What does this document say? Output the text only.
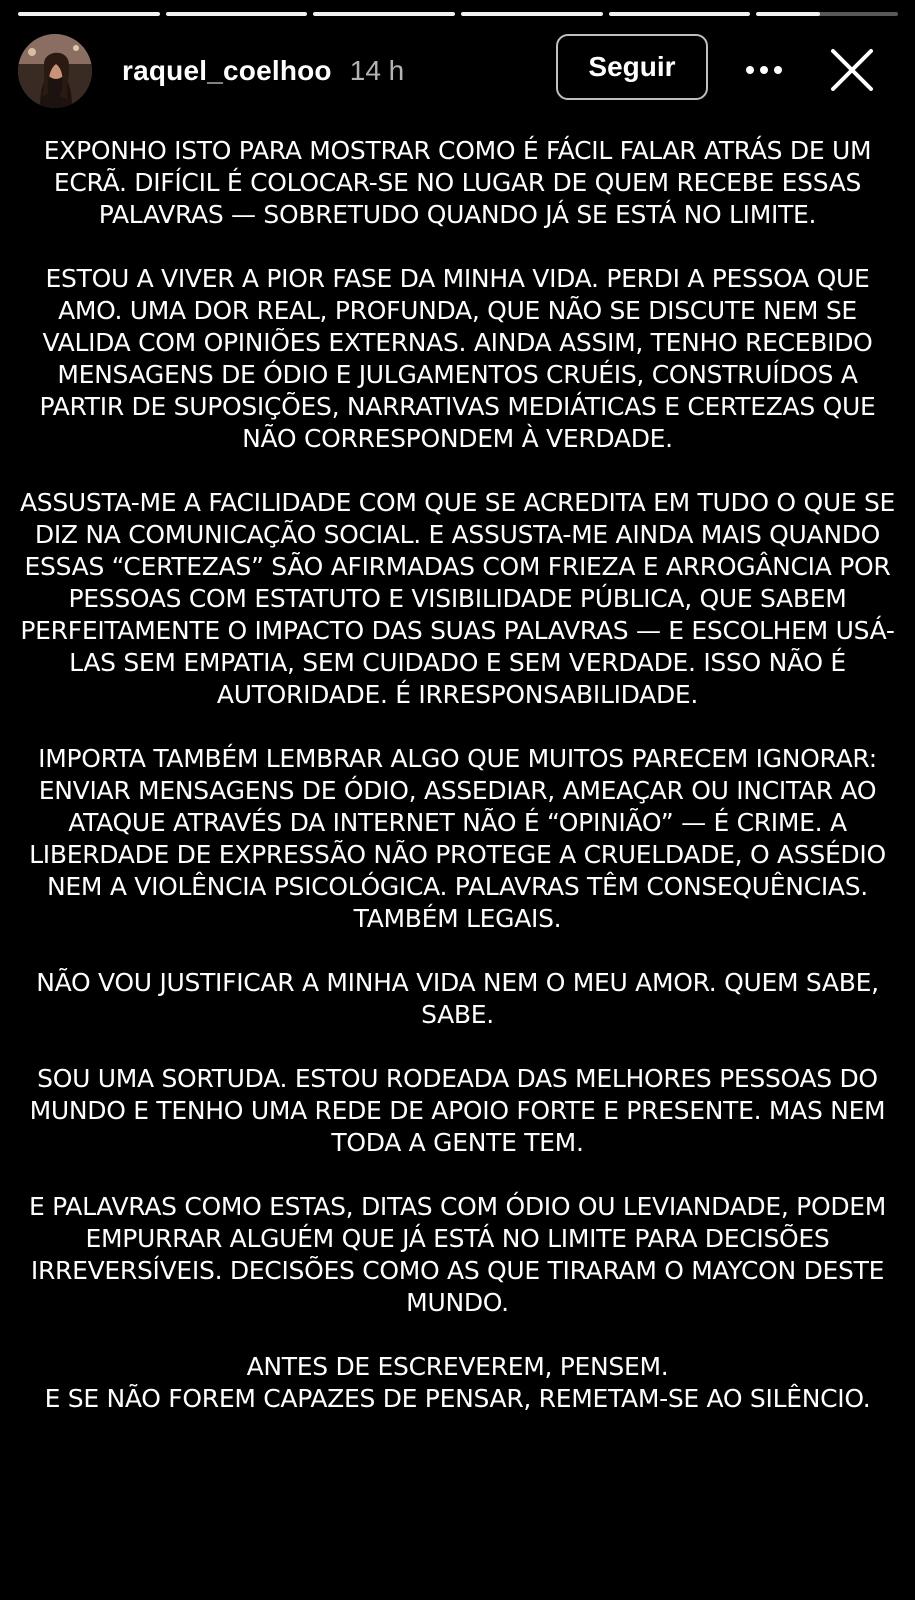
raquel_coelhoo 14 h	Seguir
EXPONHO ISTO PARA MOSTRAR COMO É FÁCIL FALAR ATRÁS DE UM
ECRÃ. DIFÍCIL É COLOCAR-SE NO LUGAR DE QUEM RECEBE ESSAS
PALAVRAS — SOBRETUDO QUANDO JÁ SE ESTÁ NO LIMITE.
ESTOU A VIVER A PIOR FASE DA MINHA VIDA. PERDI A PESSOA QUE
AMO. UMA DOR REAL, PROFUNDA, QUE NÃO SE DISCUTE NEM SE
VALIDA COM OPINIÕES EXTERNAS. AINDA ASSIM, TENHO RECEBIDO
MENSAGENS DE ÓDIO E JULGAMENTOS CRUÉIS, CONSTRUÍDOS A
PARTIR DE SUPOSIÇÕES, NARRATIVAS MEDIÁTICAS E CERTEZAS QUE
NÃO CORRESPONDEM À VERDADE.
ASSUSTA-ME A FACILIDADE COM QUE SE ACREDITA EM TUDO O QUE SE
DIZ NA COMUNICAÇÃO SOCIAL. E ASSUSTA-ME AINDA MAIS QUANDO
ESSAS “CERTEZAS” SÃO AFIRMADAS COM FRIEZA E ARROGÂNCIA POR
PESSOAS COM ESTATUTO E VISIBILIDADE PÚBLICA, QUE SABEM
PERFEITAMENTE O IMPACTO DAS SUAS PALAVRAS — E ESCOLHEM USÁ-
LAS SEM EMPATIA, SEM CUIDADO E SEM VERDADE. ISSO NÃO É
AUTORIDADE. É IRRESPONSABILIDADE.
IMPORTA TAMBÉM LEMBRAR ALGO QUE MUITOS PARECEM IGNORAR:
ENVIAR MENSAGENS DE ÓDIO, ASSEDIAR, AMEAÇAR OU INCITAR AO
ATAQUE ATRAVÉS DA INTERNET NÃO É “OPINIÃO” — É CRIME. A
LIBERDADE DE EXPRESSÃO NÃO PROTEGE A CRUELDADE, O ASSÉDIO
NEM A VIOLÊNCIA PSICOLÓGICA. PALAVRAS TÊM CONSEQUÊNCIAS.
TAMBÉM LEGAIS.
NÃO VOU JUSTIFICAR A MINHA VIDA NEM O MEU AMOR. QUEM SABE,
SABE.
SOU UMA SORTUDA. ESTOU RODEADA DAS MELHORES PESSOAS DO
MUNDO E TENHO UMA REDE DE APOIO FORTE E PRESENTE. MAS NEM
TODA A GENTE TEM.
E PALAVRAS COMO ESTAS, DITAS COM ÓDIO OU LEVIANDADE, PODEM
EMPURRAR ALGUÉM QUE JÁ ESTÁ NO LIMITE PARA DECISÕES
IRREVERSÍVEIS. DECISÕES COMO AS QUE TIRARAM O MAYCON DESTE
MUNDO.
ANTES DE ESCREVEREM, PENSEM.
E SE NÃO FOREM CAPAZES DE PENSAR, REMETAM-SE AO SILÊNCIO.
